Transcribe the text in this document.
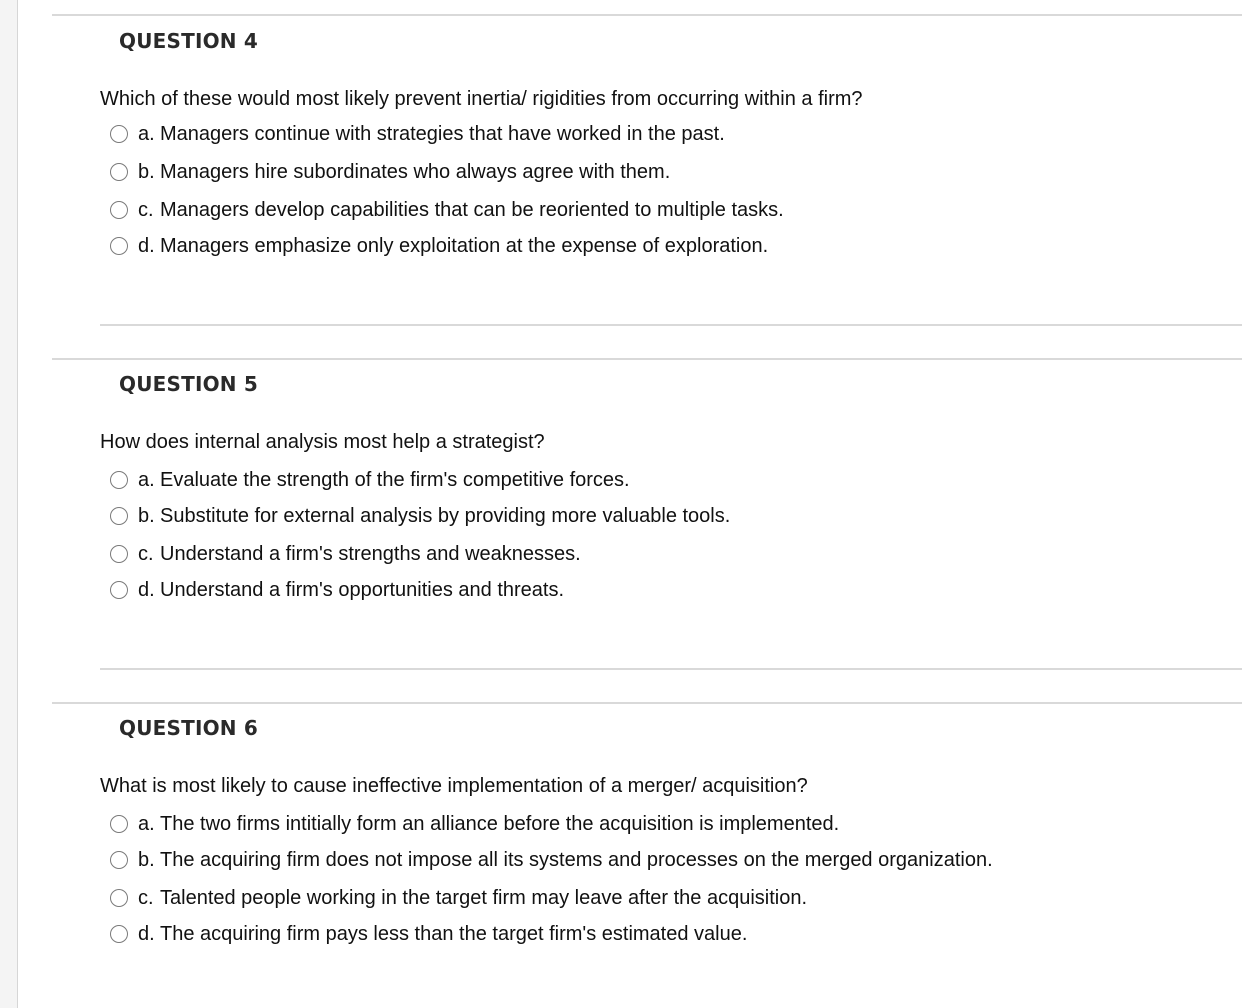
QUESTION 4
Which of these would most likely prevent inertia/ rigidities from occurring within a firm?
a. Managers continue with strategies that have worked in the past.
b. Managers hire subordinates who always agree with them.
c. Managers develop capabilities that can be reoriented to multiple tasks.
d. Managers emphasize only exploitation at the expense of exploration.
QUESTION 5
How does internal analysis most help a strategist?
a. Evaluate the strength of the firm's competitive forces.
b. Substitute for external analysis by providing more valuable tools.
c. Understand a firm's strengths and weaknesses.
d. Understand a firm's opportunities and threats.
QUESTION 6
What is most likely to cause ineffective implementation of a merger/ acquisition?
a. The two firms intitially form an alliance before the acquisition is implemented.
b. The acquiring firm does not impose all its systems and processes on the merged organization.
c. Talented people working in the target firm may leave after the acquisition.
d. The acquiring firm pays less than the target firm's estimated value.
